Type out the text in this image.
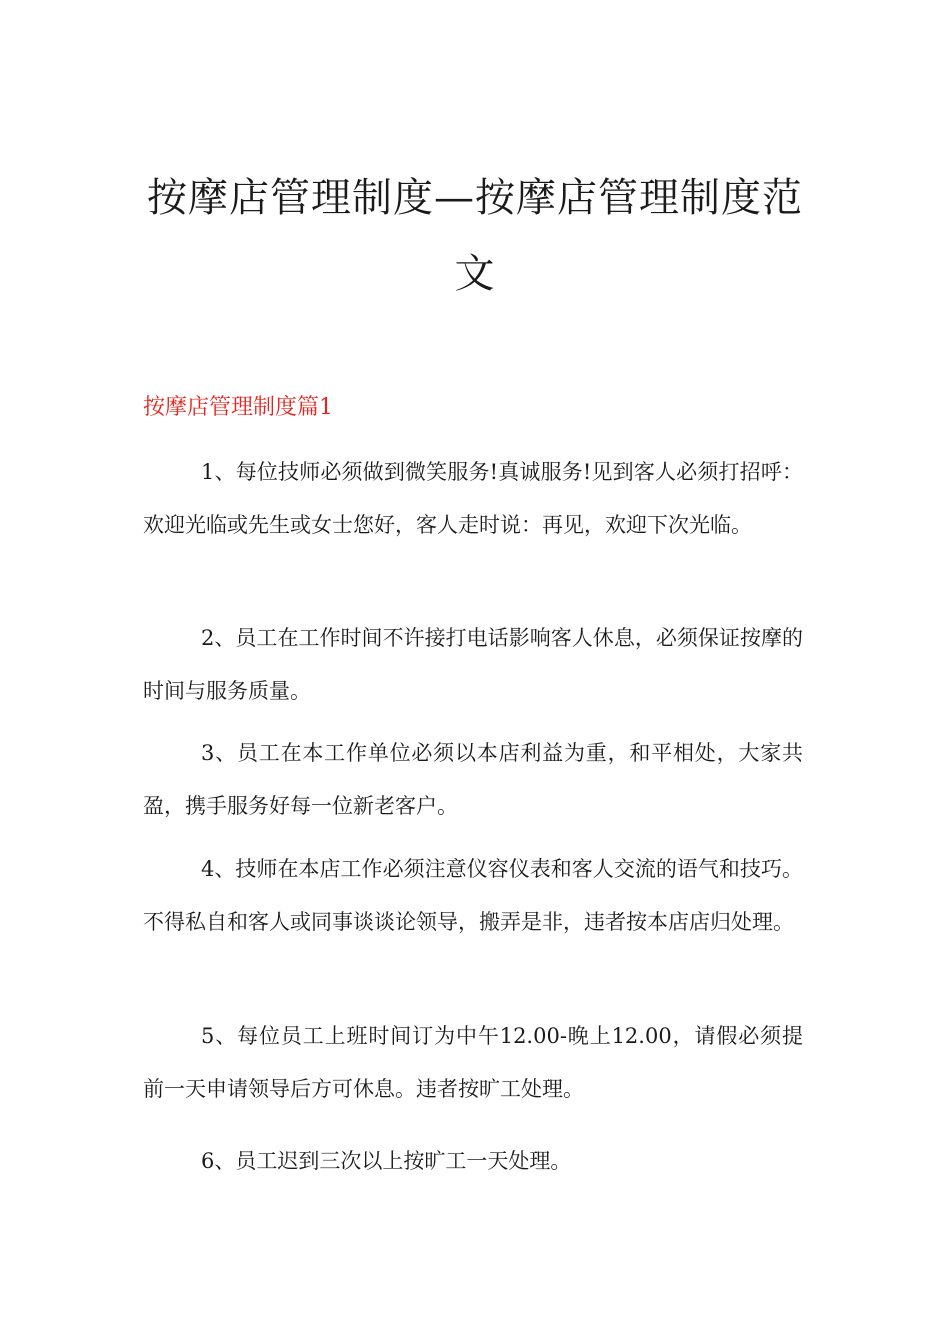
按摩店管理制度—按摩店管理制度范文
按摩店管理制度篇1

1、每位技师必须做到微笑服务!真诚服务!见到客人必须打招呼：欢迎光临或先生或女士您好，客人走时说：再见，欢迎下次光临。

2、员工在工作时间不许接打电话影响客人休息，必须保证按摩的时间与服务质量。

3、员工在本工作单位必须以本店利益为重，和平相处，大家共盈，携手服务好每一位新老客户。

4、技师在本店工作必须注意仪容仪表和客人交流的语气和技巧。不得私自和客人或同事谈谈论领导，搬弄是非，违者按本店店归处理。

5、每位员工上班时间订为中午12.00-晚上12.00，请假必须提前一天申请领导后方可休息。违者按旷工处理。

6、员工迟到三次以上按旷工一天处理。
